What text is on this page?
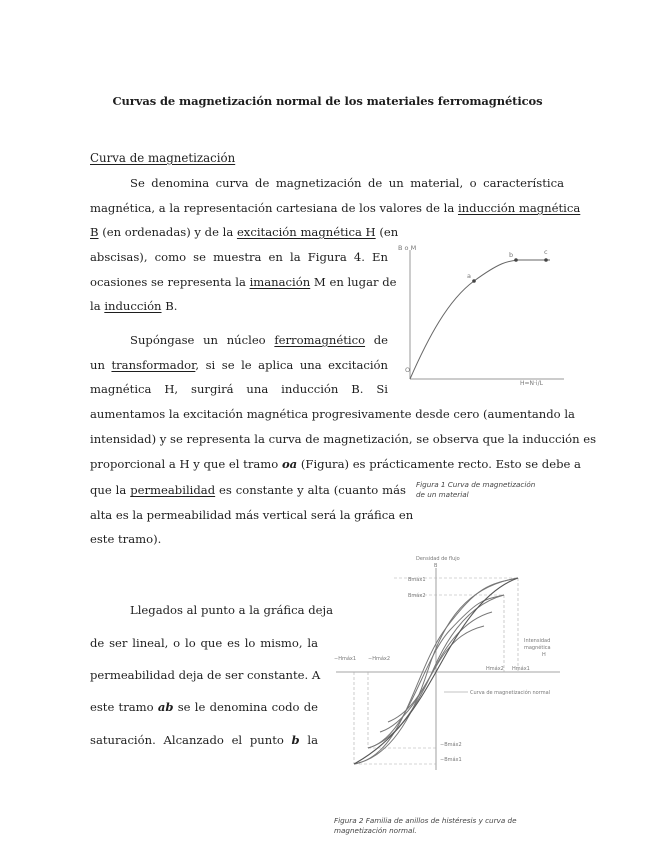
Curvas de magnetización normal de los materiales ferromagnéticos
Curva de magnetización
Se denomina curva de magnetización de un material, o característica
magnética, a la representación cartesiana de los valores de la inducción magnética
B (en ordenadas) y de la excitación magnética H (en
abscisas), como se muestra en la Figura 4. En
ocasiones se representa la imanación M en lugar de
la inducción B.
Supóngase un núcleo ferromagnético de
un transformador, si se le aplica una excitación
magnética H, surgirá una inducción B. Si
aumentamos la excitación magnética progresivamente desde cero (aumentando la
intensidad) y se representa la curva de magnetización, se observa que la inducción es
proporcional a H y que el tramo oa (Figura) es prácticamente recto. Esto se debe a
que la permeabilidad es constante y alta (cuanto más
alta es la permeabilidad más vertical será la gráfica en
este tramo).
Llegados al punto a la gráfica deja
de ser lineal, o lo que es lo mismo, la
permeabilidad deja de ser constante. A
este tramo ab se le denomina codo de
saturación. Alcanzado el punto b la
B o M
H=N·i/L
O
a
b	c
Figura 1 Curva de magnetización
de un material
Densidad de flujo
B
Bmáx1
Bmáx2
−Bmáx2
−Bmáx1
Hmáx2 Hmáx1
−Hmáx1 −Hmáx2
Intensidad
magnética
H
Curva de magnetización normal
Figura 2 Familia de anillos de histéresis y curva de
magnetización normal.
